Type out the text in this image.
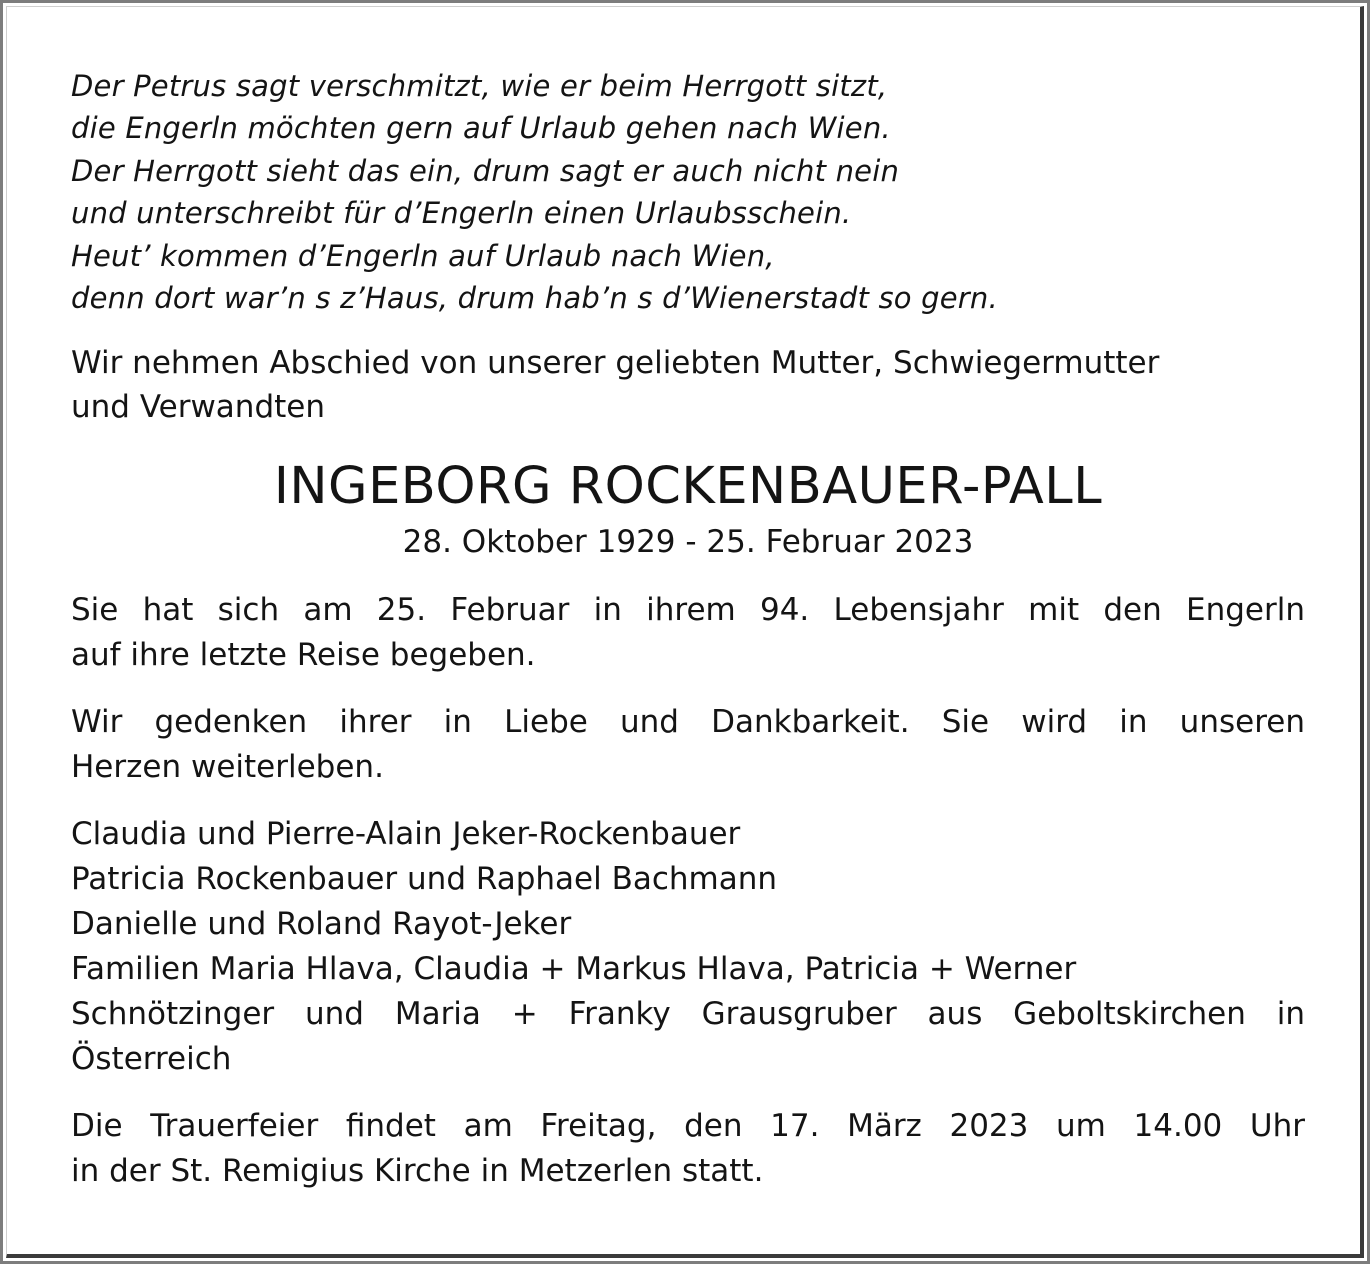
Der Petrus sagt verschmitzt, wie er beim Herrgott sitzt,
die Engerln möchten gern auf Urlaub gehen nach Wien.
Der Herrgott sieht das ein, drum sagt er auch nicht nein
und unterschreibt für d’Engerln einen Urlaubsschein.
Heut’ kommen d’Engerln auf Urlaub nach Wien,
denn dort war’n s z’Haus, drum hab’n s d’Wienerstadt so gern.
Wir nehmen Abschied von unserer geliebten Mutter, Schwiegermutter
und Verwandten
INGEBORG ROCKENBAUER-PALL
28. Oktober 1929 - 25. Februar 2023
Sie hat sich am 25. Februar in ihrem 94. Lebensjahr mit den Engerln
auf ihre letzte Reise begeben.
Wir gedenken ihrer in Liebe und Dankbarkeit. Sie wird in unseren
Herzen weiterleben.
Claudia und Pierre-Alain Jeker-Rockenbauer
Patricia Rockenbauer und Raphael Bachmann
Danielle und Roland Rayot-Jeker
Familien Maria Hlava, Claudia + Markus Hlava, Patricia + Werner
Schnötzinger und Maria + Franky Grausgruber aus Geboltskirchen in
Österreich
Die Trauerfeier findet am Freitag, den 17. März 2023 um 14.00 Uhr
in der St. Remigius Kirche in Metzerlen statt.
